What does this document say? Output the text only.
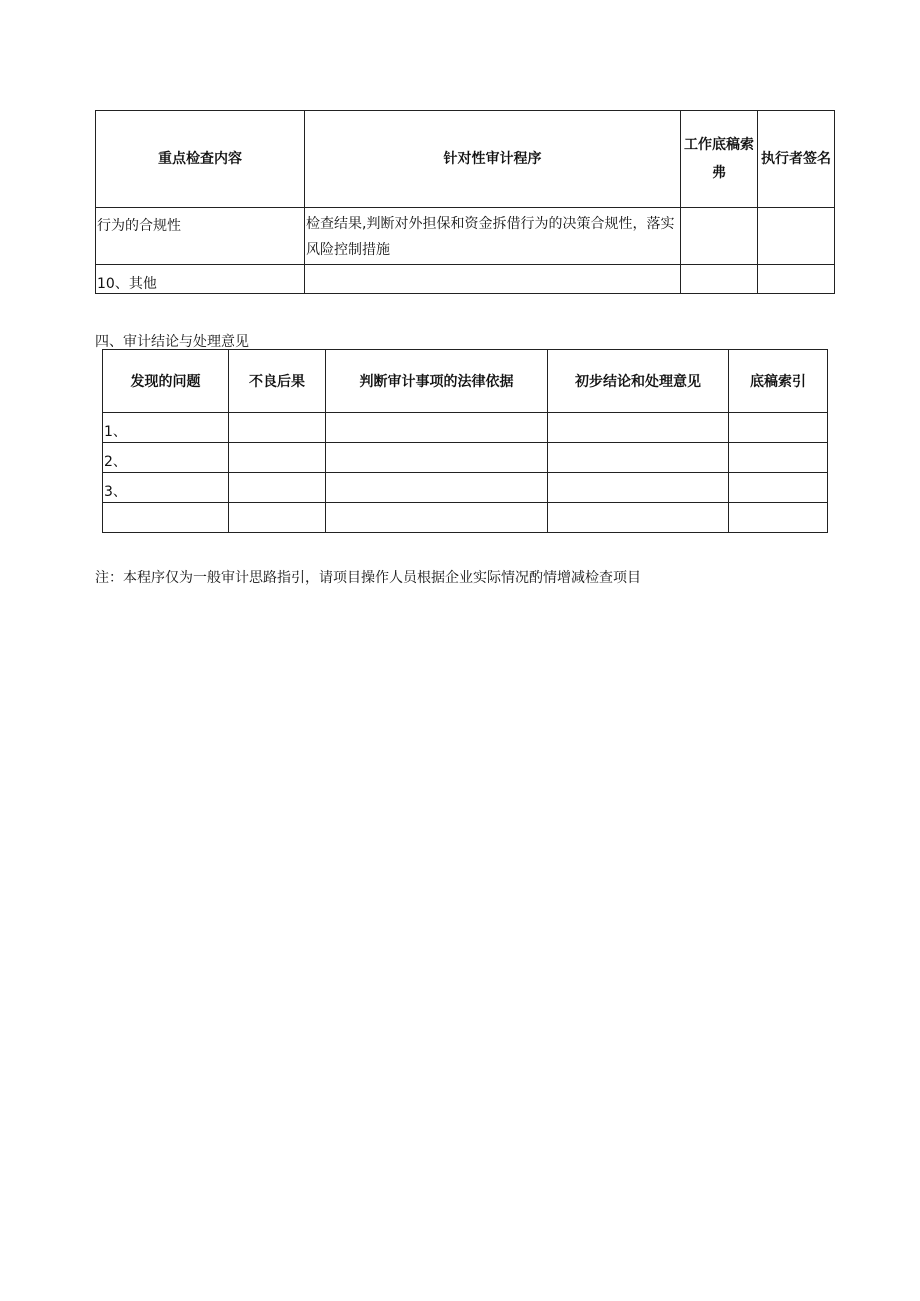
重点检查内容	针对性审计程序	工作底稿索弗	执行者签名
行为的合规性	检查结果,判断对外担保和资金拆借行为的决策合规性，落实风险控制措施		
10、其他			
四、审计结论与处理意见
发现的问题	不良后果	判断审计事项的法律依据	初步结论和处理意见	底稿索引
1、				
2、				
3、				

注：本程序仅为一般审计思路指引，请项目操作人员根据企业实际情况酌情增减检查项目
